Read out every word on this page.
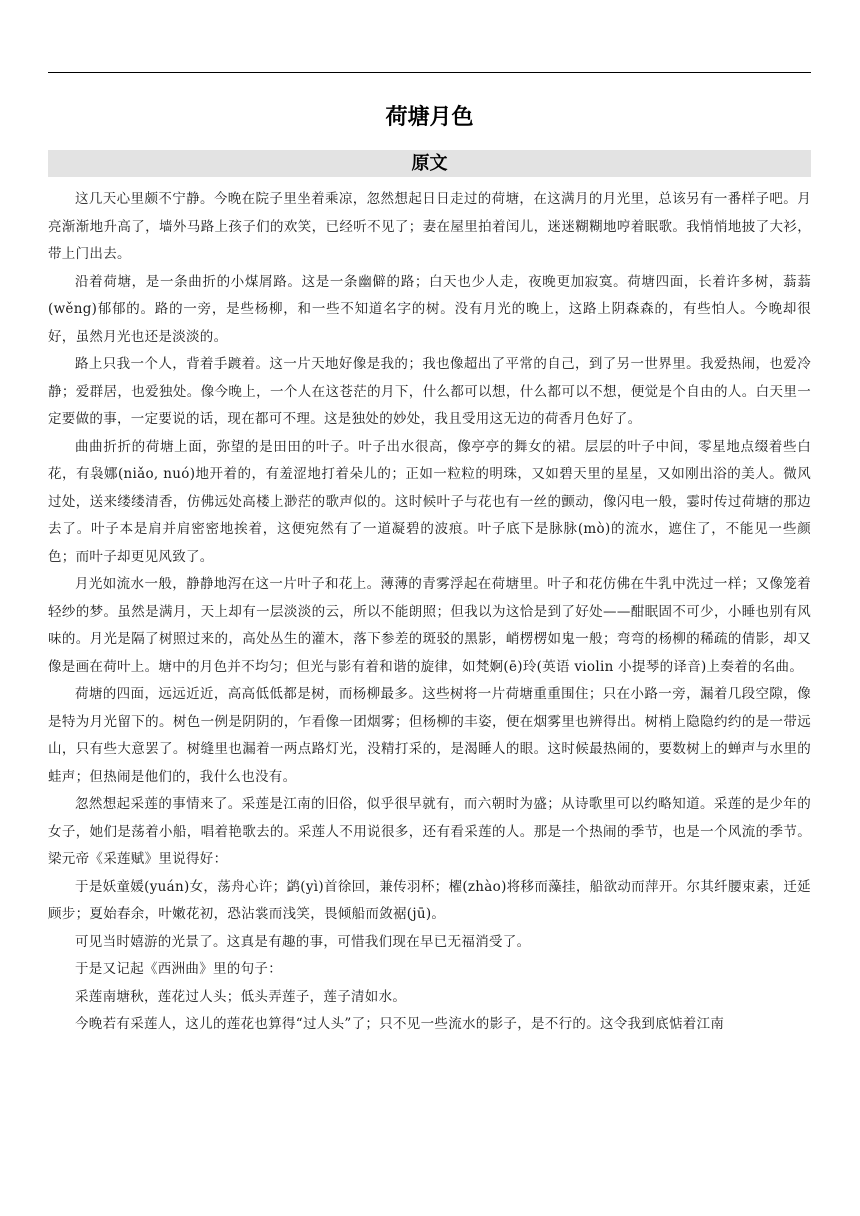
荷塘月色
原文

这几天心里颇不宁静。今晚在院子里坐着乘凉，忽然想起日日走过的荷塘，在这满月的月光里，总该另有一番样子吧。月亮渐渐地升高了，墙外马路上孩子们的欢笑，已经听不见了；妻在屋里拍着闰儿，迷迷糊糊地哼着眠歌。我悄悄地披了大衫，带上门出去。

沿着荷塘，是一条曲折的小煤屑路。这是一条幽僻的路；白天也少人走，夜晚更加寂寞。荷塘四面，长着许多树，蓊蓊(wěng)郁郁的。路的一旁，是些杨柳，和一些不知道名字的树。没有月光的晚上，这路上阴森森的，有些怕人。今晚却很好，虽然月光也还是淡淡的。

路上只我一个人，背着手踱着。这一片天地好像是我的；我也像超出了平常的自己，到了另一世界里。我爱热闹，也爱冷静；爱群居，也爱独处。像今晚上，一个人在这苍茫的月下，什么都可以想，什么都可以不想，便觉是个自由的人。白天里一定要做的事，一定要说的话，现在都可不理。这是独处的妙处，我且受用这无边的荷香月色好了。

曲曲折折的荷塘上面，弥望的是田田的叶子。叶子出水很高，像亭亭的舞女的裙。层层的叶子中间，零星地点缀着些白花，有袅娜(niǎo, nuó)地开着的，有羞涩地打着朵儿的；正如一粒粒的明珠，又如碧天里的星星，又如刚出浴的美人。微风过处，送来缕缕清香，仿佛远处高楼上渺茫的歌声似的。这时候叶子与花也有一丝的颤动，像闪电一般，霎时传过荷塘的那边去了。叶子本是肩并肩密密地挨着，这便宛然有了一道凝碧的波痕。叶子底下是脉脉(mò)的流水，遮住了，不能见一些颜色；而叶子却更见风致了。

月光如流水一般，静静地泻在这一片叶子和花上。薄薄的青雾浮起在荷塘里。叶子和花仿佛在牛乳中洗过一样；又像笼着轻纱的梦。虽然是满月，天上却有一层淡淡的云，所以不能朗照；但我以为这恰是到了好处——酣眠固不可少，小睡也别有风味的。月光是隔了树照过来的，高处丛生的灌木，落下参差的斑驳的黑影，峭楞楞如鬼一般；弯弯的杨柳的稀疏的倩影，却又像是画在荷叶上。塘中的月色并不均匀；但光与影有着和谐的旋律，如梵婀(ē)玲(英语 violin 小提琴的译音)上奏着的名曲。

荷塘的四面，远远近近，高高低低都是树，而杨柳最多。这些树将一片荷塘重重围住；只在小路一旁，漏着几段空隙，像是特为月光留下的。树色一例是阴阴的，乍看像一团烟雾；但杨柳的丰姿，便在烟雾里也辨得出。树梢上隐隐约约的是一带远山，只有些大意罢了。树缝里也漏着一两点路灯光，没精打采的，是渴睡人的眼。这时候最热闹的，要数树上的蝉声与水里的蛙声；但热闹是他们的，我什么也没有。

忽然想起采莲的事情来了。采莲是江南的旧俗，似乎很早就有，而六朝时为盛；从诗歌里可以约略知道。采莲的是少年的女子，她们是荡着小船，唱着艳歌去的。采莲人不用说很多，还有看采莲的人。那是一个热闹的季节，也是一个风流的季节。梁元帝《采莲赋》里说得好：

于是妖童媛(yuán)女，荡舟心许；鹢(yì)首徐回，兼传羽杯；櫂(zhào)将移而藻挂，船欲动而萍开。尔其纤腰束素，迁延顾步；夏始春余，叶嫩花初，恐沾裳而浅笑，畏倾船而敛裾(jū)。

可见当时嬉游的光景了。这真是有趣的事，可惜我们现在早已无福消受了。

于是又记起《西洲曲》里的句子：

采莲南塘秋，莲花过人头；低头弄莲子，莲子清如水。

今晚若有采莲人，这儿的莲花也算得“过人头”了；只不见一些流水的影子，是不行的。这令我到底惦着江南
